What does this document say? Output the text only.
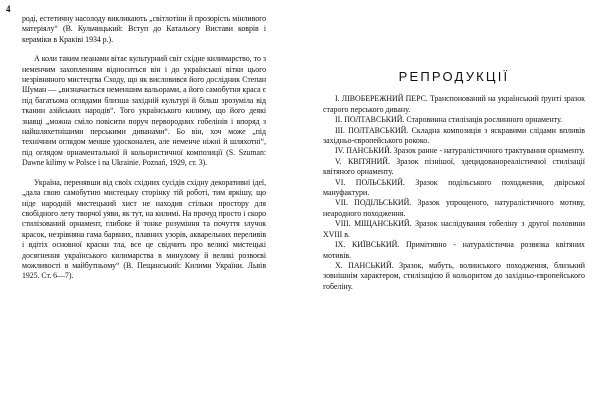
4

роді, естетичну насолоду викликають „світлотіни й прозорість мінливого матеріялу“ (В. Кульчицький: Вступ до Катальогу Вистави коврів і кераміки в Краківі 1934 р.).

А коли таким пеанами вітає культурний світ східне килимарство, то з неменчим захопленням відноситься він і до української вітки цього незрівняного мистецтва Сходу, що як висловився його дослідник Степан Шуман — „визначається неменшим вальорами, а його самобутня краса є під багатьома оглядами близша західній культурі й більш зрозуміла від тканин азійських народів“. Того українського килиму, що його деякі знавці „можна сміло повісити поруч первородних гобелінів і впоряд з найшляхетнішими перськими диванами“. Бо він, хоч може „під технічним оглядом менше удосконален, але неменче ніжні й шляхотні“, під оглядом орнаментальної й кольористичної композиції (S. Szuman: Dawne kilimy w Polsce i na Ukrainie. Poznań, 1929, ст. 3).

Україна, перенявши від своїх східних сусідів східну декоративні ідеї, „дала свою самобутню мистецьку сторінку тій роботі, тим яркішу, що ніде народній мистецький хист не находив стільки простору для свобідного лету творчої уяви, як тут, на килимі. На прочуд просто і скоро стилізований орнамент, глибоке й тонке розуміння та почуття злучок красок, незрівняна гама барвних, плавних узорів, акварельних переливів і вдітіх основної краски тла, все це свідчить про великі мистецькі досягнення українського килимарства в минулому й великі розвоєві можливості в майбутньому“ (В. Пещанський: Килими України. Львів 1925. Ст. 6—7).

РЕПРОДУКЦІЇ

I. ЛІВОБЕРЕЖНИЙ ПЕРС. Транспонований на український ґрунті зразок старого перського дивану.

II. ПОЛТАВСЬКИЙ. Старовинна стилізація рослинного орнаменту.

III. ПОЛТАВСЬКИЙ. Складна композиція з яскравими слідами впливів західньо-європейського рококо.

IV. ПАНСЬКИЙ. Зразок ранне - натуралістичного трактування орнаменту.

V. КВІТЯНИЙ. Зразок пізнішої, здецидованореалістичної стилізації квітяного орнаменту.

VI. ПОЛЬСЬКИЙ. Зразок подільського походження, двірської мануфактури.

VII. ПОДІЛЬСЬКИЙ. Зразок упрощеного, натуралістичного мотиву, неародного походження.

VIII. МІЩАНСЬКИЙ. Зразок наслідування гобеліну з другої половини XVIII в.

IX. КИЇВСЬКИЙ. Примітивно - натуралістична розвязка квітяних мотивів.

X. ПАНСЬКИЙ. Зразок, мабуть, волинського походження, близький зовнішнім характером, стилізацією й кольоритом до західньо-європейського гобеліну.
